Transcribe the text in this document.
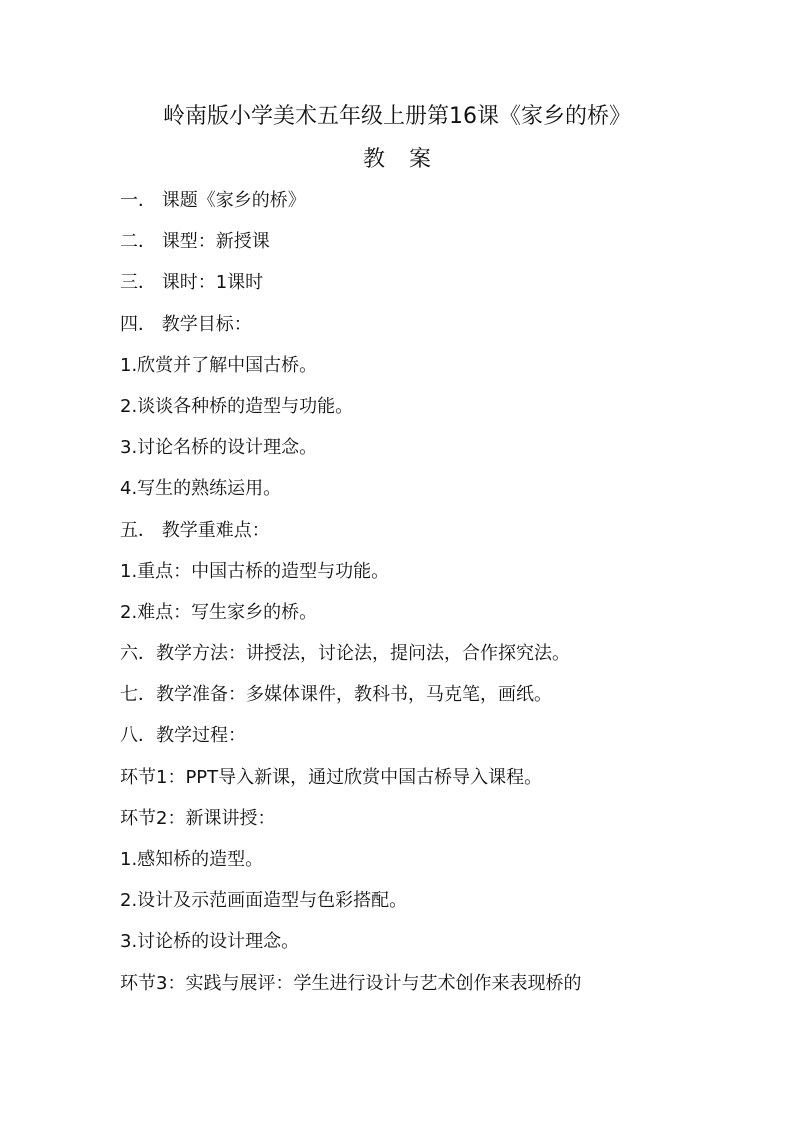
岭南版小学美术五年级上册第16课《家乡的桥》
教案
一． 课题《家乡的桥》
二． 课型：新授课
三． 课时：1课时
四． 教学目标：
1.欣赏并了解中国古桥。
2.谈谈各种桥的造型与功能。
3.讨论名桥的设计理念。
4.写生的熟练运用。
五． 教学重难点：
1.重点：中国古桥的造型与功能。
2.难点：写生家乡的桥。
六．教学方法：讲授法，讨论法，提问法，合作探究法。
七．教学准备：多媒体课件，教科书，马克笔，画纸。
八．教学过程：
环节1：PPT导入新课，通过欣赏中国古桥导入课程。
环节2：新课讲授：
1.感知桥的造型。
2.设计及示范画面造型与色彩搭配。
3.讨论桥的设计理念。
环节3：实践与展评：学生进行设计与艺术创作来表现桥的
